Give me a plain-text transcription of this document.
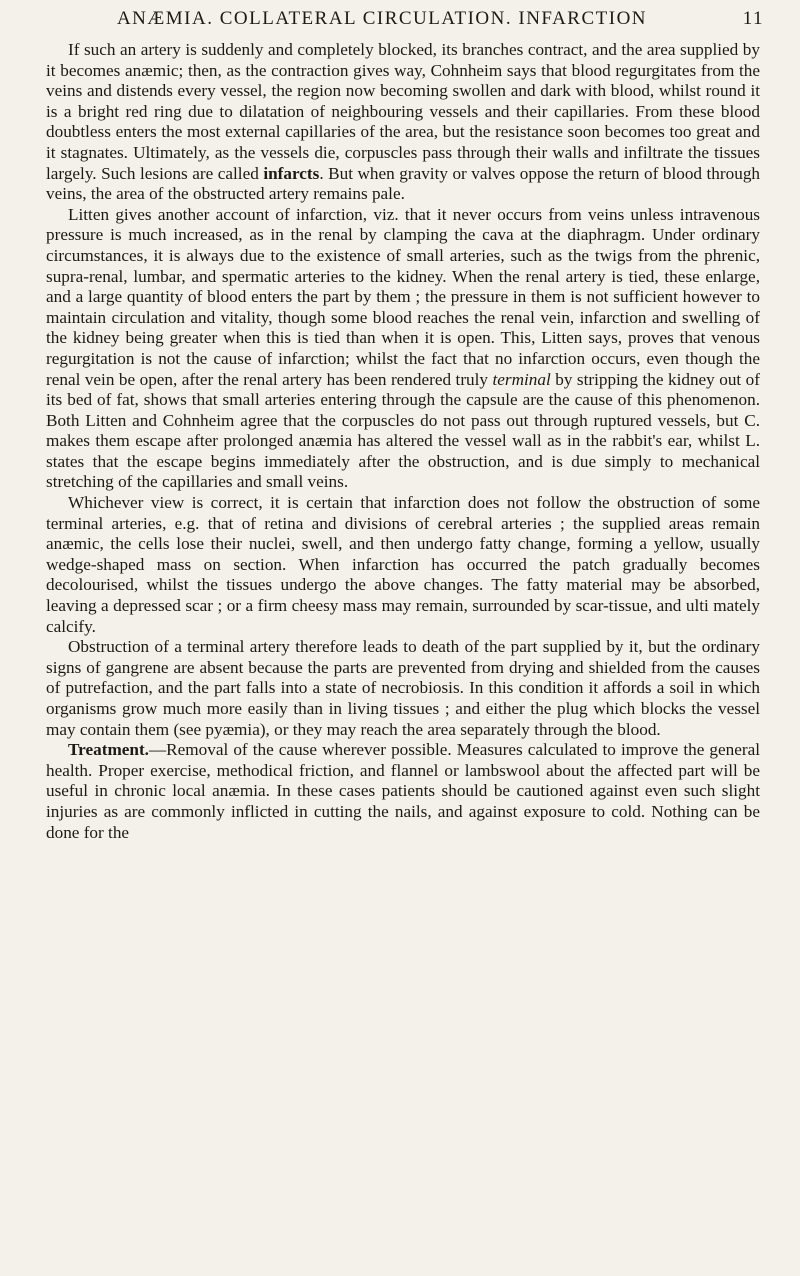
ANÆMIA. COLLATERAL CIRCULATION. INFARCTION	11

If such an artery is suddenly and completely blocked, its branches contract, and the area supplied by it becomes anæmic; then, as the contraction gives way, Cohnheim says that blood regurgitates from the veins and distends every vessel, the region now becoming swollen and dark with blood, whilst round it is a bright red ring due to dilatation of neighbouring vessels and their capillaries. From these blood doubtless enters the most external capillaries of the area, but the resistance soon becomes too great and it stagnates. Ultimately, as the vessels die, corpuscles pass through their walls and infiltrate the tissues largely. Such lesions are called infarcts. But when gravity or valves oppose the return of blood through veins, the area of the obstructed artery remains pale.

Litten gives another account of infarction, viz. that it never occurs from veins unless intravenous pressure is much increased, as in the renal by clamping the cava at the diaphragm. Under ordinary circumstances, it is always due to the existence of small arteries, such as the twigs from the phrenic, supra-renal, lumbar, and spermatic arteries to the kidney. When the renal artery is tied, these enlarge, and a large quantity of blood enters the part by them ; the pressure in them is not sufficient however to maintain circulation and vitality, though some blood reaches the renal vein, infarction and swelling of the kidney being greater when this is tied than when it is open. This, Litten says, proves that venous regurgitation is not the cause of infarction; whilst the fact that no infarction occurs, even though the renal vein be open, after the renal artery has been rendered truly terminal by stripping the kidney out of its bed of fat, shows that small arteries entering through the capsule are the cause of this phenomenon. Both Litten and Cohnheim agree that the corpuscles do not pass out through ruptured vessels, but C. makes them escape after prolonged anæmia has altered the vessel wall as in the rabbit's ear, whilst L. states that the escape begins immediately after the obstruction, and is due simply to mechanical stretching of the capillaries and small veins.

Whichever view is correct, it is certain that infarction does not follow the obstruction of some terminal arteries, e.g. that of retina and divisions of cerebral arteries ; the supplied areas remain anæmic, the cells lose their nuclei, swell, and then undergo fatty change, forming a yellow, usually wedge-shaped mass on section. When infarction has occurred the patch gradually becomes decolourised, whilst the tissues undergo the above changes. The fatty material may be absorbed, leaving a depressed scar ; or a firm cheesy mass may remain, surrounded by scar-tissue, and ulti mately calcify.

Obstruction of a terminal artery therefore leads to death of the part supplied by it, but the ordinary signs of gangrene are absent because the parts are prevented from drying and shielded from the causes of putrefaction, and the part falls into a state of necrobiosis. In this condition it affords a soil in which organisms grow much more easily than in living tissues ; and either the plug which blocks the vessel may contain them (see pyæmia), or they may reach the area separately through the blood.

Treatment.—Removal of the cause wherever possible. Measures calculated to improve the general health. Proper exercise, methodical friction, and flannel or lambswool about the affected part will be useful in chronic local anæmia. In these cases patients should be cautioned against even such slight injuries as are commonly inflicted in cutting the nails, and against exposure to cold. Nothing can be done for the
